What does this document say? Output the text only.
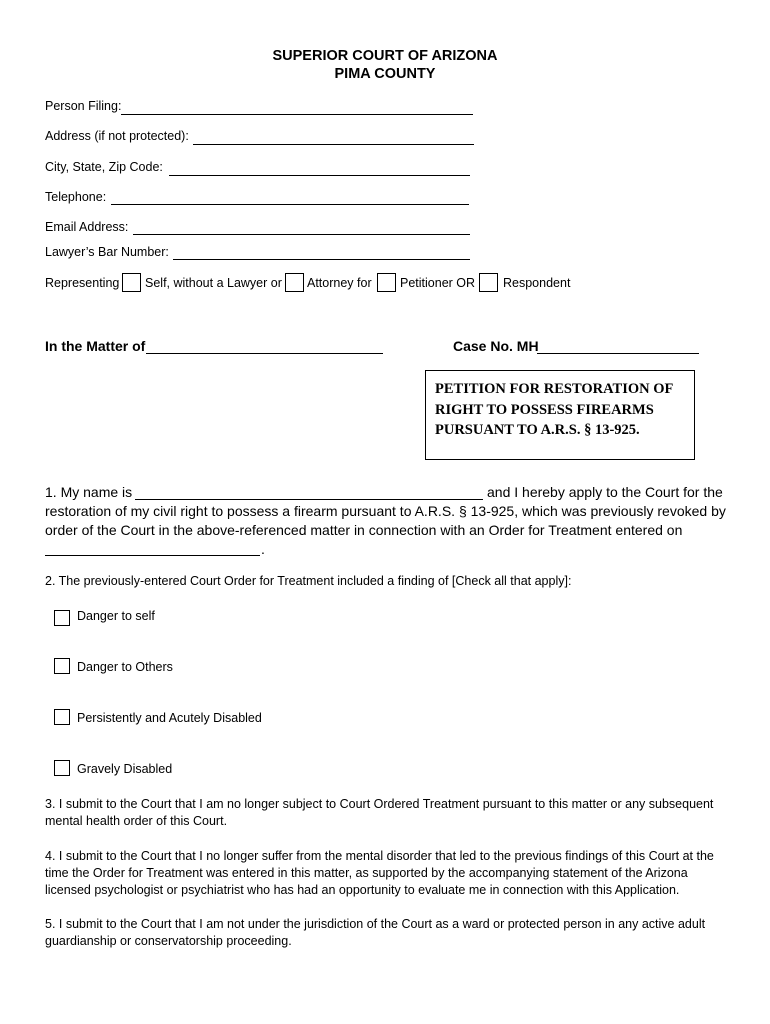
SUPERIOR COURT OF ARIZONA
PIMA COUNTY
Person Filing:
Address (if not protected):
City, State, Zip Code:
Telephone:
Email Address:
Lawyer’s Bar Number:
Representing Self, without a Lawyer or Attorney for Petitioner OR Respondent
In the Matter of	Case No. MH
PETITION FOR RESTORATION OF
RIGHT TO POSSESS FIREARMS
PURSUANT TO A.R.S. § 13-925.
1. My name is	and I hereby apply to the Court for the
restoration of my civil right to possess a firearm pursuant to A.R.S. § 13-925, which was previously revoked by
order of the Court in the above-referenced matter in connection with an Order for Treatment entered on
.
2. The previously-entered Court Order for Treatment included a finding of [Check all that apply]:
Danger to self
Danger to Others
Persistently and Acutely Disabled
Gravely Disabled
3. I submit to the Court that I am no longer subject to Court Ordered Treatment pursuant to this matter or any subsequent
mental health order of this Court.
4. I submit to the Court that I no longer suffer from the mental disorder that led to the previous findings of this Court at the
time the Order for Treatment was entered in this matter, as supported by the accompanying statement of the Arizona
licensed psychologist or psychiatrist who has had an opportunity to evaluate me in connection with this Application.
5. I submit to the Court that I am not under the jurisdiction of the Court as a ward or protected person in any active adult
guardianship or conservatorship proceeding.
